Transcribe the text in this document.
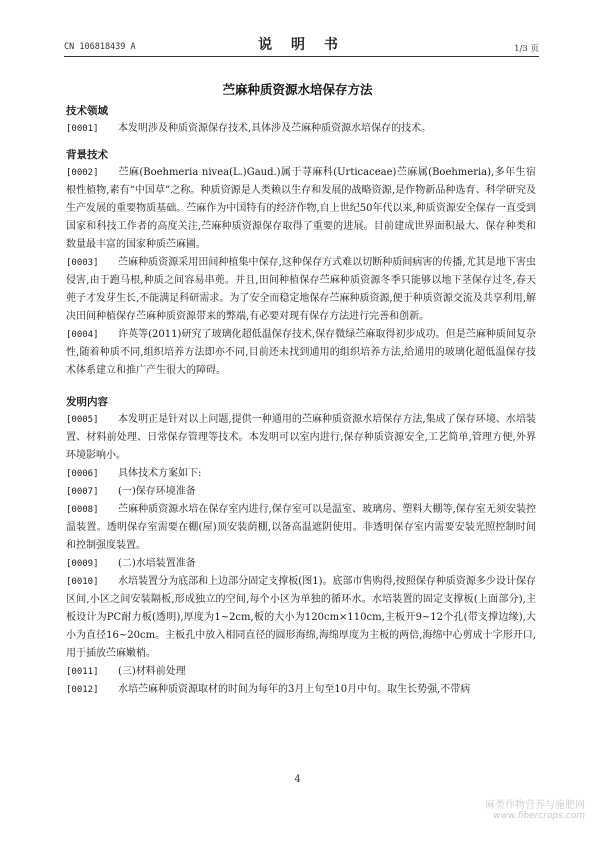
CN 106818439 A	说 明 书	1/3 页
苎麻种质资源水培保存方法
技术领域
[0001] 本发明涉及种质资源保存技术,具体涉及苎麻种质资源水培保存的技术。
背景技术
[0002] 苎麻(Boehmeria nivea(L.)Gaud.)属于荨麻科(Urticaceae)苎麻属(Boehmeria),多年生宿根性植物,素有“中国草”之称。种质资源是人类赖以生存和发展的战略资源,是作物新品种选育、科学研究及生产发展的重要物质基础。苎麻作为中国特有的经济作物,自上世纪50年代以来,种质资源安全保存一直受到国家和科技工作者的高度关注,苎麻种质资源保存取得了重要的进展。目前建成世界面积最大、保存种类和数量最丰富的国家种质苎麻圃。
[0003] 苎麻种质资源采用田间种植集中保存,这种保存方式难以切断种质间病害的传播,尤其是地下害虫侵害,由于跑马根,种质之间容易串蔸。并且,田间种植保存苎麻种质资源冬季只能够以地下茎保存过冬,春天蔸子才发芽生长,不能满足科研需求。为了安全而稳定地保存苎麻种质资源,便于种质资源交流及共享利用,解决田间种植保存苎麻种质资源带来的弊端,有必要对现有保存方法进行完善和创新。
[0004] 许英等(2011)研究了玻璃化超低温保存技术,保存微绿苎麻取得初步成功。但是苎麻种质间复杂性,随着种质不同,组织培养方法即亦不同,目前还未找到通用的组织培养方法,给通用的玻璃化超低温保存技术体系建立和推广产生很大的障碍。
发明内容
[0005] 本发明正是针对以上问题,提供一种通用的苎麻种质资源水培保存方法,集成了保存环境、水培装置、材料前处理、日常保存管理等技术。本发明可以室内进行,保存种质资源安全,工艺简单,管理方便,外界环境影响小。
[0006] 具体技术方案如下:
[0007] (一)保存环境准备
[0008] 苎麻种质资源水培在保存室内进行,保存室可以是温室、玻璃房、塑料大棚等,保存室无须安装控温装置。透明保存室需要在棚(屋)顶安装荫棚,以备高温遮阴使用。非透明保存室内需要安装光照控制时间和控制强度装置。
[0009] (二)水培装置准备
[0010] 水培装置分为底部和上边部分固定支撑板(图1)。底部市售购得,按照保存种质资源多少设计保存区间,小区之间安装隔板,形成独立的空间,每个小区为单独的循环水。水培装置的固定支撑板(上面部分),主板设计为PC耐力板(透明),厚度为1~2cm,板的大小为120cm×110cm,主板开9~12个孔(带支撑边缘),大小为直径16~20cm。主板孔中放入相同直径的圆形海绵,海绵厚度为主板的两倍,海绵中心剪成十字形开口,用于插放苎麻嫩梢。
[0011] (三)材料前处理
[0012] 水培苎麻种质资源取材的时间为每年的3月上旬至10月中旬。取生长势强,不带病
4
麻类作物营养与施肥网
www.fibercrops.com
